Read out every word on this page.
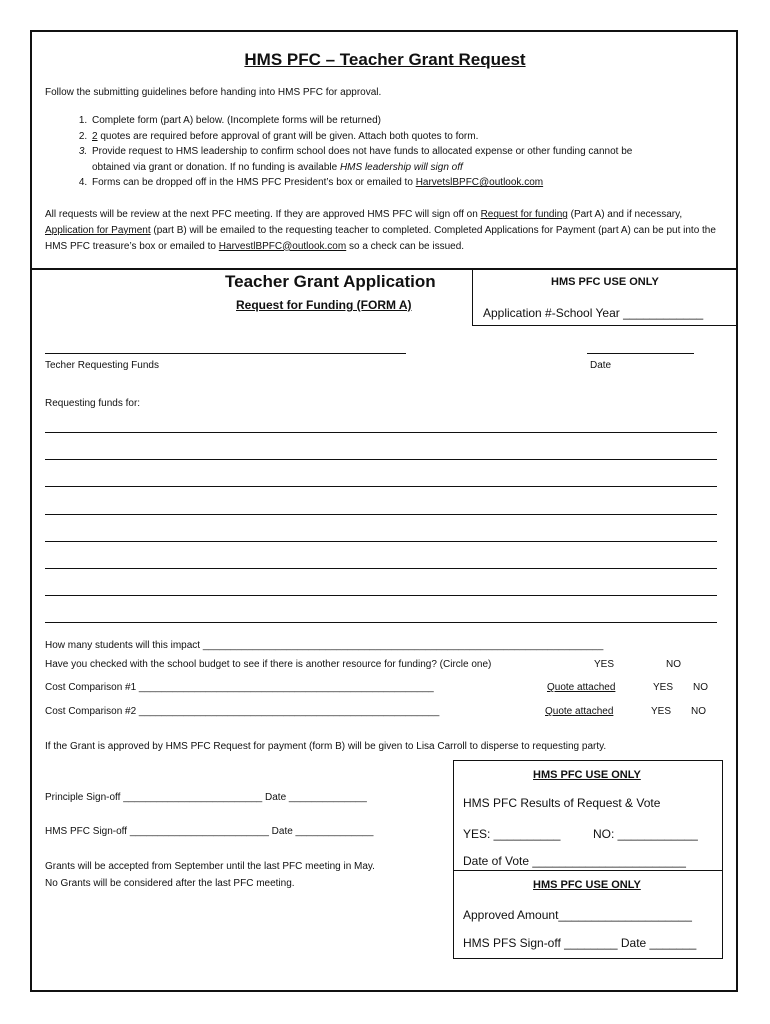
HMS PFC – Teacher Grant Request
Follow the submitting guidelines before handing into HMS PFC for approval.
1. Complete form (part A) below. (Incomplete forms will be returned)
2. 2 quotes are required before approval of grant will be given. Attach both quotes to form.
3. Provide request to HMS leadership to confirm school does not have funds to allocated expense or other funding cannot be
obtained via grant or donation. If no funding is available HMS leadership will sign off
4. Forms can be dropped off in the HMS PFC President’s box or emailed to HarvetslBPFC@outlook.com
All requests will be review at the next PFC meeting. If they are approved HMS PFC will sign off on Request for funding (Part A) and if necessary, Application for Payment (part B) will be emailed to the requesting teacher to completed. Completed Applications for Payment (part A) can be put into the HMS PFC treasure’s box or emailed to HarvestlBPFC@outlook.com so a check can be issued.
Teacher Grant Application
Request for Funding (FORM A)
HMS PFC USE ONLY
Application #-School Year ____________
Techer Requesting Funds	Date
Requesting funds for:
How many students will this impact ________________________________________________________________________
Have you checked with the school budget to see if there is another resource for funding? (Circle one)	YES	NO
Cost Comparison #1 _____________________________________________________	Quote attached	YES NO
Cost Comparison #2 ______________________________________________________	Quote attached	YES NO
If the Grant is approved by HMS PFC Request for payment (form B) will be given to Lisa Carroll to disperse to requesting party.
Principle Sign-off _________________________ Date ______________
HMS PFC Sign-off _________________________ Date ______________
Grants will be accepted from September until the last PFC meeting in May.
No Grants will be considered after the last PFC meeting.
HMS PFC USE ONLY
HMS PFC Results of Request & Vote
YES: __________	NO: ____________
Date of Vote _______________________
HMS PFC USE ONLY
Approved Amount____________________
HMS PFS Sign-off ________ Date _______
